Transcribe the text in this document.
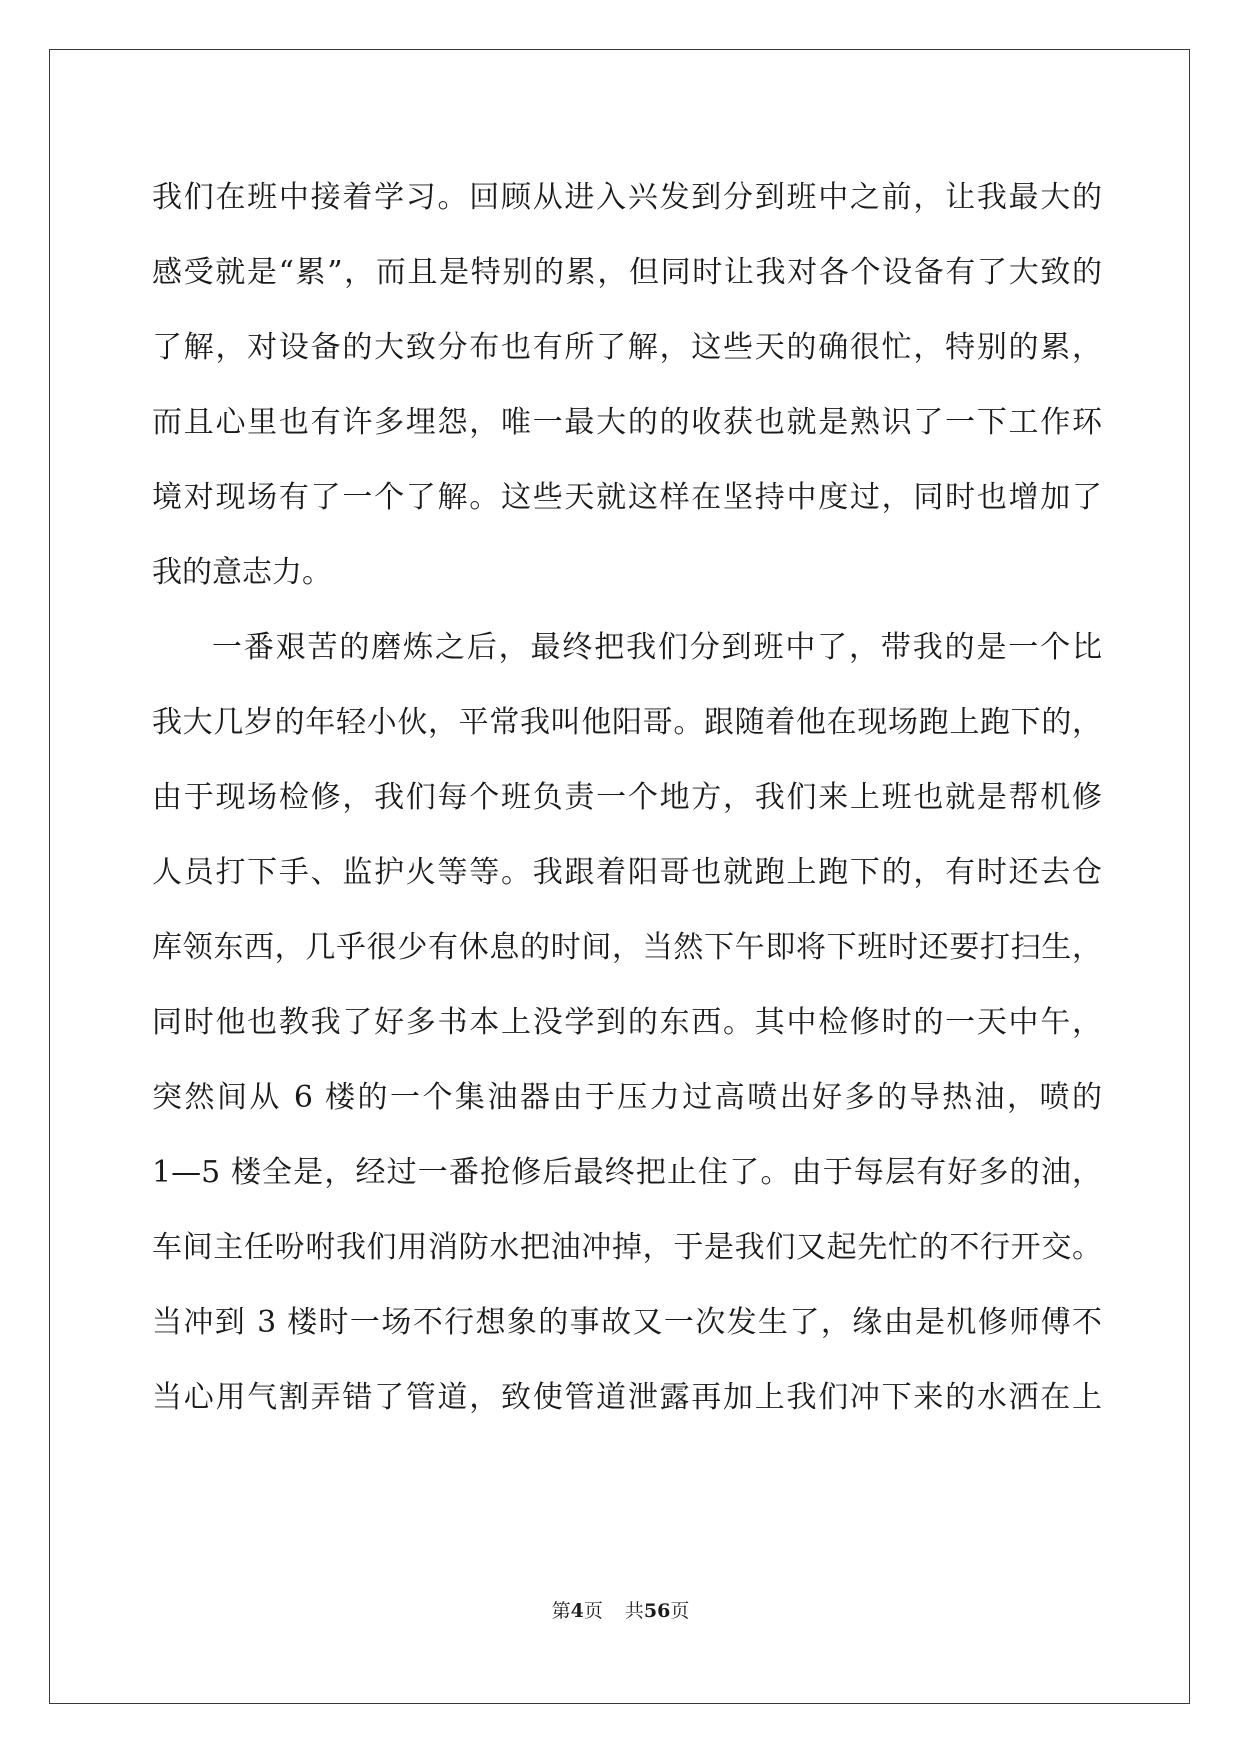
我们在班中接着学习。回顾从进入兴发到分到班中之前，让我最大的
感受就是“累”，而且是特别的累，但同时让我对各个设备有了大致的
了解，对设备的大致分布也有所了解，这些天的确很忙，特别的累，
而且心里也有许多埋怨，唯一最大的的收获也就是熟识了一下工作环
境对现场有了一个了解。这些天就这样在坚持中度过，同时也增加了
我的意志力。
一番艰苦的磨炼之后，最终把我们分到班中了，带我的是一个比
我大几岁的年轻小伙，平常我叫他阳哥。跟随着他在现场跑上跑下的，
由于现场检修，我们每个班负责一个地方，我们来上班也就是帮机修
人员打下手、监护火等等。我跟着阳哥也就跑上跑下的，有时还去仓
库领东西，几乎很少有休息的时间，当然下午即将下班时还要打扫生，
同时他也教我了好多书本上没学到的东西。其中检修时的一天中午，
突然间从 6 楼的一个集油器由于压力过高喷出好多的导热油，喷的
1—5 楼全是，经过一番抢修后最终把止住了。由于每层有好多的油，
车间主任吩咐我们用消防水把油冲掉，于是我们又起先忙的不行开交。
当冲到 3 楼时一场不行想象的事故又一次发生了，缘由是机修师傅不
当心用气割弄错了管道，致使管道泄露再加上我们冲下来的水洒在上
第4页 共56页
